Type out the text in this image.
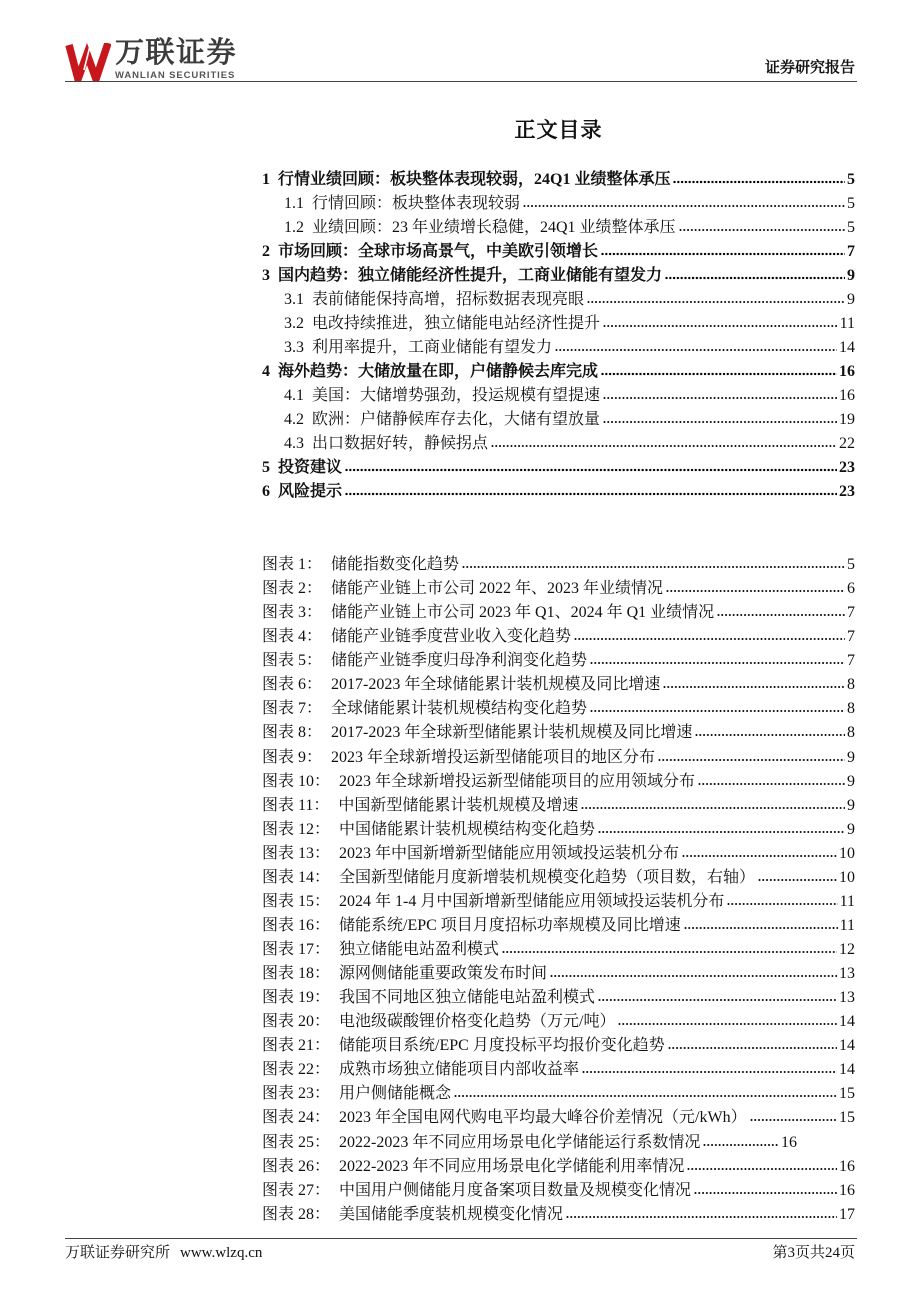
万联证券
WANLIAN SECURITIES	证券研究报告
正文目录
1 行情业绩回顾：板块整体表现较弱，24Q1 业绩整体承压	5
1.1 行情回顾：板块整体表现较弱	5
1.2 业绩回顾：23 年业绩增长稳健，24Q1 业绩整体承压	5
2 市场回顾：全球市场高景气，中美欧引领增长	7
3 国内趋势：独立储能经济性提升，工商业储能有望发力	9
3.1 表前储能保持高增，招标数据表现亮眼	9
3.2 电改持续推进，独立储能电站经济性提升	11
3.3 利用率提升，工商业储能有望发力	14
4 海外趋势：大储放量在即，户储静候去库完成	16
4.1 美国：大储增势强劲，投运规模有望提速	16
4.2 欧洲：户储静候库存去化，大储有望放量	19
4.3 出口数据好转，静候拐点	22
5 投资建议	23
6 风险提示	23
图表 1： 储能指数变化趋势	5
图表 2： 储能产业链上市公司 2022 年、2023 年业绩情况	6
图表 3： 储能产业链上市公司 2023 年 Q1、2024 年 Q1 业绩情况	7
图表 4： 储能产业链季度营业收入变化趋势	7
图表 5： 储能产业链季度归母净利润变化趋势	7
图表 6： 2017-2023 年全球储能累计装机规模及同比增速	8
图表 7： 全球储能累计装机规模结构变化趋势	8
图表 8： 2017-2023 年全球新型储能累计装机规模及同比增速	8
图表 9： 2023 年全球新增投运新型储能项目的地区分布	9
图表 10： 2023 年全球新增投运新型储能项目的应用领域分布	9
图表 11： 中国新型储能累计装机规模及增速	9
图表 12： 中国储能累计装机规模结构变化趋势	9
图表 13： 2023 年中国新增新型储能应用领域投运装机分布	10
图表 14： 全国新型储能月度新增装机规模变化趋势（项目数，右轴）	10
图表 15： 2024 年 1-4 月中国新增新型储能应用领域投运装机分布	11
图表 16： 储能系统/EPC 项目月度招标功率规模及同比增速	11
图表 17： 独立储能电站盈利模式	12
图表 18： 源网侧储能重要政策发布时间	13
图表 19： 我国不同地区独立储能电站盈利模式	13
图表 20： 电池级碳酸锂价格变化趋势（万元/吨）	14
图表 21： 储能项目系统/EPC 月度投标平均报价变化趋势	14
图表 22： 成熟市场独立储能项目内部收益率	14
图表 23： 用户侧储能概念	15
图表 24： 2023 年全国电网代购电平均最大峰谷价差情况（元/kWh）	15
图表 25： 2022-2023 年不同应用场景电化学储能运行系数情况	16
图表 26： 2022-2023 年不同应用场景电化学储能利用率情况	16
图表 27： 中国用户侧储能月度备案项目数量及规模变化情况	16
图表 28： 美国储能季度装机规模变化情况	17
万联证券研究所 www.wlzq.cn	第3页共24页
